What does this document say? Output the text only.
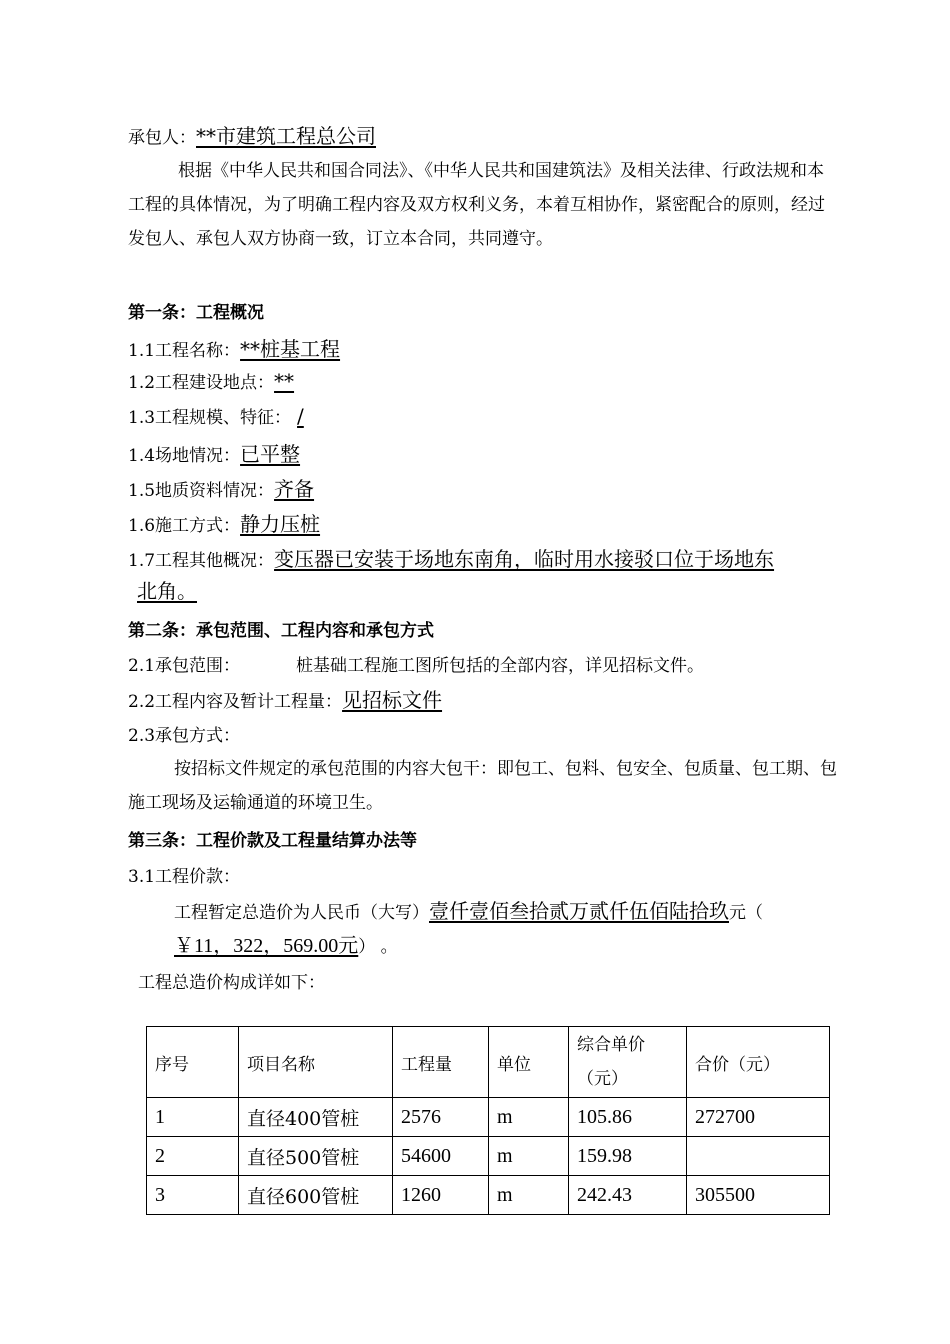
承包人：**市建筑工程总公司
根据《中华人民共和国合同法》、《中华人民共和国建筑法》及相关法律、行政法规和本工程的具体情况，为了明确工程内容及双方权利义务，本着互相协作，紧密配合的原则，经过发包人、承包人双方协商一致，订立本合同，共同遵守。
第一条：工程概况
1.1工程名称：**桩基工程
1.2工程建设地点：**
1.3工程规模、特征： /
1.4场地情况：已平整
1.5地质资料情况：齐备
1.6施工方式：静力压桩
1.7工程其他概况：变压器已安装于场地东南角，临时用水接驳口位于场地东
北角。
第二条：承包范围、工程内容和承包方式
2.1承包范围：	桩基础工程施工图所包括的全部内容，详见招标文件。
2.2工程内容及暂计工程量：见招标文件
2.3承包方式：
按招标文件规定的承包范围的内容大包干：即包工、包料、包安全、包质量、包工期、包施工现场及运输通道的环境卫生。
第三条：工程价款及工程量结算办法等
3.1工程价款：
工程暂定总造价为人民币（大写）壹仟壹佰叁拾贰万贰仟伍佰陆拾玖元（
￥11，322，569.00元） 。
工程总造价构成详如下：
序号	项目名称	工程量	单位	综合单价（元）	合价（元）
1	直径400管桩	2576	m	105.86	272700
2	直径500管桩	54600	m	159.98	
3	直径600管桩	1260	m	242.43	305500
